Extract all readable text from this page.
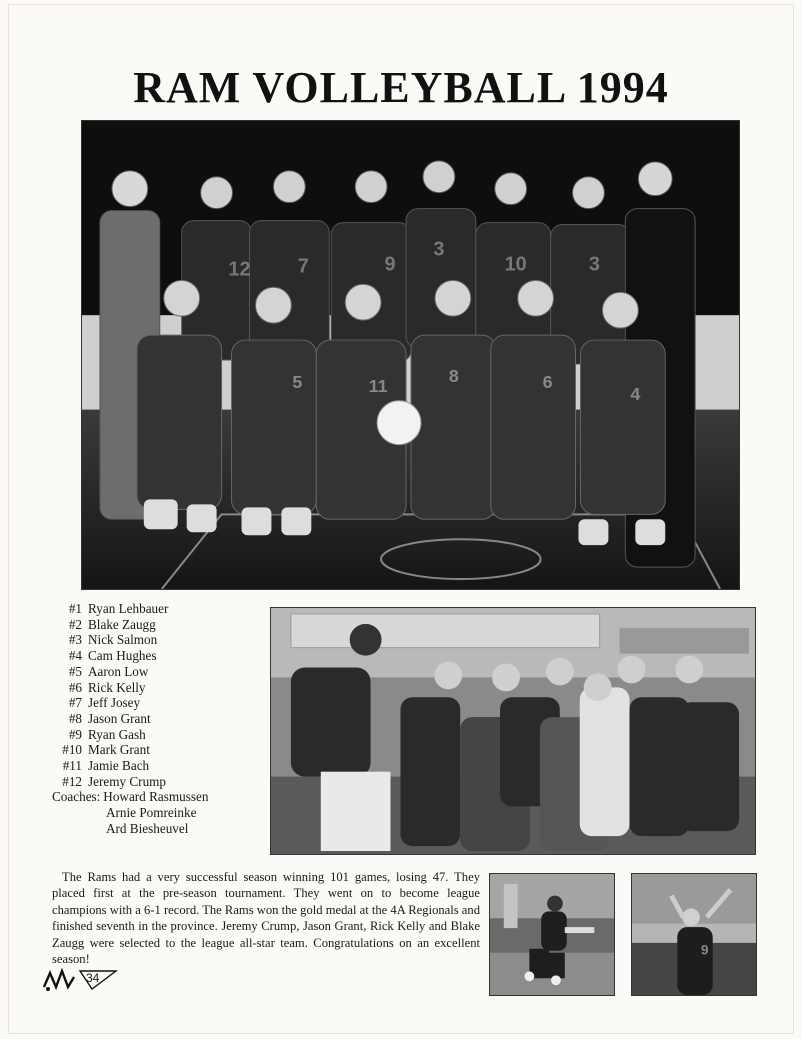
RAM VOLLEYBALL 1994
12 7	9
3
10	3
5	11	8	6
4
#1 Ryan Lehbauer
#2 Blake Zaugg
#3 Nick Salmon
#4 Cam Hughes
#5 Aaron Low
#6 Rick Kelly
#7 Jeff Josey
#8 Jason Grant
#9 Ryan Gash
#10 Mark Grant
#11 Jamie Bach
#12 Jeremy Crump
Coaches: Howard Rasmussen
Arnie Pomreinke
Ard Biesheuvel
The Rams had a very successful season winning 101 games, losing 47. They placed first at the pre-season tournament. They went on to become league champions with a 6-1 record. The Rams won the gold medal at the 4A Regionals and finished seventh in the province. Jeremy Crump, Jason Grant, Rick Kelly and Blake Zaugg were selected to the league all-star team. Congratulations on an excellent season!
9
34
